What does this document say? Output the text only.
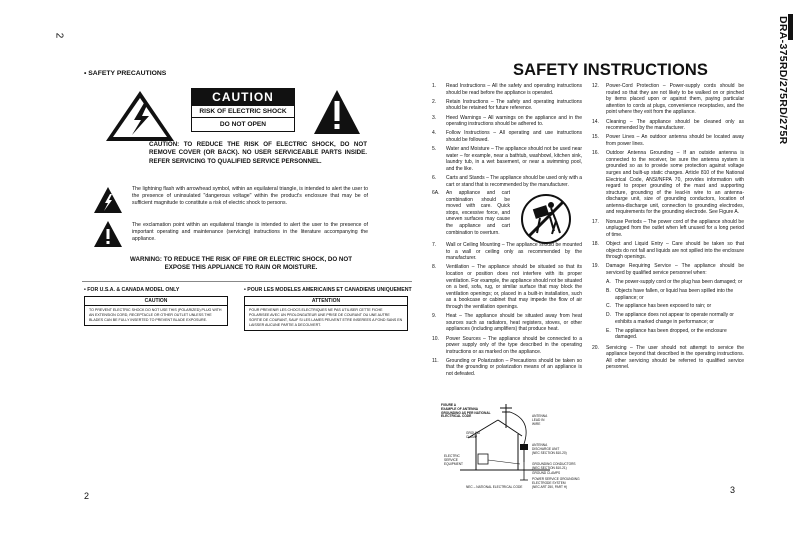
2	DRA-375RD/275RD/275R
• SAFETY PRECAUTIONS	SAFETY INSTRUCTIONS
CAUTION
RISK OF ELECTRIC SHOCK
DO NOT OPEN
CAUTION: TO REDUCE THE RISK OF ELECTRIC SHOCK, DO NOT REMOVE COVER (OR BACK). NO USER SERVICEABLE PARTS INSIDE. REFER SERVICING TO QUALIFIED SERVICE PERSONNEL.
The lightning flash with arrowhead symbol, within an equilateral triangle, is intended to alert the user to the presence of uninsulated "dangerous voltage" within the product's enclosure that may be of sufficient magnitude to constitute a risk of electric shock to persons.
The exclamation point within an equilateral triangle is intended to alert the user to the presence of important operating and maintenance (servicing) instructions in the literature accompanying the appliance.
WARNING: TO REDUCE THE RISK OF FIRE OR ELECTRIC SHOCK, DO NOT EXPOSE THIS APPLIANCE TO RAIN OR MOISTURE.
• FOR U.S.A. & CANADA MODEL ONLY
CAUTION
TO PREVENT ELECTRIC SHOCK DO NOT USE THIS (POLARIZED) PLUG WITH AN EXTENSION CORD, RECEPTACLE OR OTHER OUTLET UNLESS THE BLADES CAN BE FULLY INSERTED TO PREVENT BLADE EXPOSURE.
• POUR LES MODELES AMERICAINS ET CANADIENS UNIQUEMENT
ATTENTION
POUR PREVENIR LES CHOCS ELECTRIQUES NE PAS UTILISER CETTE FICHE POLARISEE AVEC UN PROLONGATEUR UNE PRISE DE COURANT OU UNE AUTRE SORTIE DE COURANT, SAUF SI LES LAMES PEUVENT ETRE INSEREES A FOND SANS EN LAISSER AUCUNE PARTIE A DECOUVERT.
1.	Read Instructions – All the safety and operating instructions should be read before the appliance is operated.
2.	Retain Instructions – The safety and operating instructions should be retained for future reference.
3.	Heed Warnings – All warnings on the appliance and in the operating instructions should be adhered to.
4.	Follow Instructions – All operating and use instructions should be followed.
5.	Water and Moisture – The appliance should not be used near water – for example, near a bathtub, washbowl, kitchen sink, laundry tub, in a wet basement, or near a swimming pool, and the like.
6.	Carts and Stands – The appliance should be used only with a cart or stand that is recommended by the manufacturer.
6A.	An appliance and cart combination should be moved with care. Quick stops, excessive force, and uneven surfaces may cause the appliance and cart combination to overturn.
7.	Wall or Ceiling Mounting – The appliance should be mounted to a wall or ceiling only as recommended by the manufacturer.
8.	Ventilation – The appliance should be situated so that its location or position does not interfere with its proper ventilation. For example, the appliance should not be situated on a bed, sofa, rug, or similar surface that may block the ventilation openings; or, placed in a built-in installation, such as a bookcase or cabinet that may impede the flow of air through the ventilation openings.
9.	Heat – The appliance should be situated away from heat sources such as radiators, heat registers, stoves, or other appliances (including amplifiers) that produce heat.
10.	Power Sources – The appliance should be connected to a power supply only of the type described in the operating instructions or as marked on the appliance.
11.	Grounding or Polarization – Precautions should be taken so that the grounding or polarization means of an appliance is not defeated.
FIGURE A
EXAMPLE OF ANTENNA GROUNDING AS PER NATIONAL ELECTRICAL CODE	ANTENNA
LEAD IN
WIRE
GROUND
CLAMP
ANTENNA
DISCHARGE UNIT
(NEC SECTION 810-20)
ELECTRIC
SERVICE
EQUIPMENT	GROUNDING CONDUCTORS
(NEC SECTION 810-21)
GROUND CLAMPS
POWER SERVICE GROUNDING
ELECTRODE SYSTEM
(NEC ART 250, PART H)
NEC – NATIONAL ELECTRICAL CODE
12.	Power-Cord Protection – Power-supply cords should be routed so that they are not likely to be walked on or pinched by items placed upon or against them, paying particular attention to cords at plugs, convenience receptacles, and the point where they exit from the appliance.
14.	Cleaning – The appliance should be cleaned only as recommended by the manufacturer.
15.	Power Lines – An outdoor antenna should be located away from power lines.
16.	Outdoor Antenna Grounding – If an outside antenna is connected to the receiver, be sure the antenna system is grounded so as to provide some protection against voltage surges and built-up static charges. Article 810 of the National Electrical Code, ANSI/NFPA 70, provides information with regard to proper grounding of the mast and supporting structure, grounding of the lead-in wire to an antenna-discharge unit, size of grounding conductors, location of antenna-discharge unit, connection to grounding electrodes, and requirements for the grounding electrode. See Figure A.
17.	Nonuse Periods – The power cord of the appliance should be unplugged from the outlet when left unused for a long period of time.
18.	Object and Liquid Entry – Care should be taken so that objects do not fall and liquids are not spilled into the enclosure through openings.
19.	Damage Requiring Service – The appliance should be serviced by qualified service personnel when:
A. The power-supply cord or the plug has been damaged; or
B. Objects have fallen, or liquid has been spilled into the appliance; or
C. The appliance has been exposed to rain; or
D. The appliance does not appear to operate normally or exhibits a marked change in performance; or
E. The appliance has been dropped, or the enclosure damaged.
20.	Servicing – The user should not attempt to service the appliance beyond that described in the operating instructions. All other servicing should be referred to qualified service personnel.
2
3
